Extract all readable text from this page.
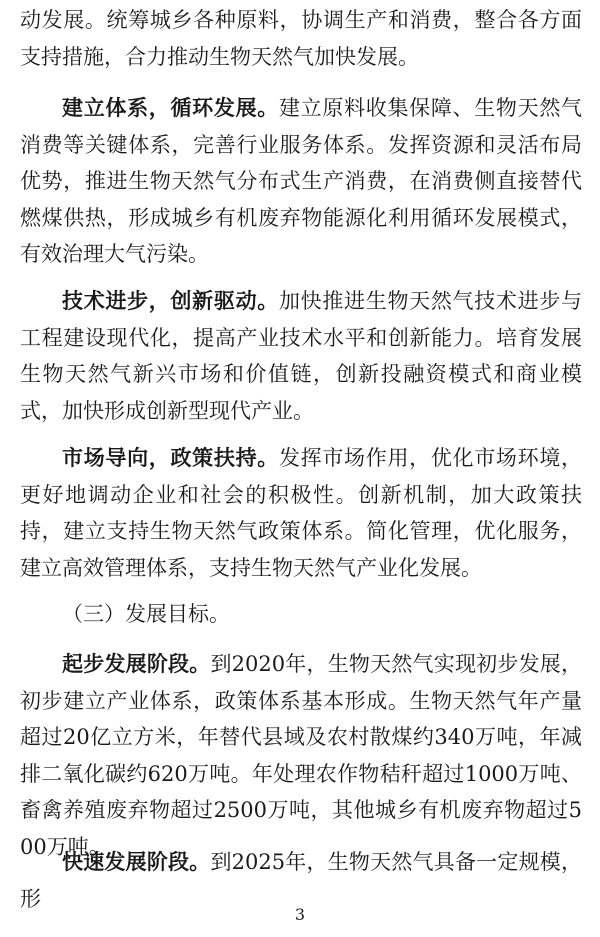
动发展。统筹城乡各种原料，协调生产和消费，整合各方面支持措施，合力推动生物天然气加快发展。

建立体系，循环发展。建立原料收集保障、生物天然气消费等关键体系，完善行业服务体系。发挥资源和灵活布局优势，推进生物天然气分布式生产消费，在消费侧直接替代燃煤供热，形成城乡有机废弃物能源化利用循环发展模式，有效治理大气污染。

技术进步，创新驱动。加快推进生物天然气技术进步与工程建设现代化，提高产业技术水平和创新能力。培育发展生物天然气新兴市场和价值链，创新投融资模式和商业模式，加快形成创新型现代产业。

市场导向，政策扶持。发挥市场作用，优化市场环境，更好地调动企业和社会的积极性。创新机制，加大政策扶持，建立支持生物天然气政策体系。简化管理，优化服务，建立高效管理体系，支持生物天然气产业化发展。

（三）发展目标。

起步发展阶段。到2020年，生物天然气实现初步发展，初步建立产业体系，政策体系基本形成。生物天然气年产量超过20亿立方米，年替代县域及农村散煤约340万吨，年减排二氧化碳约620万吨。年处理农作物秸秆超过1000万吨、畜禽养殖废弃物超过2500万吨，其他城乡有机废弃物超过500万吨。

快速发展阶段。到2025年，生物天然气具备一定规模，形

3
